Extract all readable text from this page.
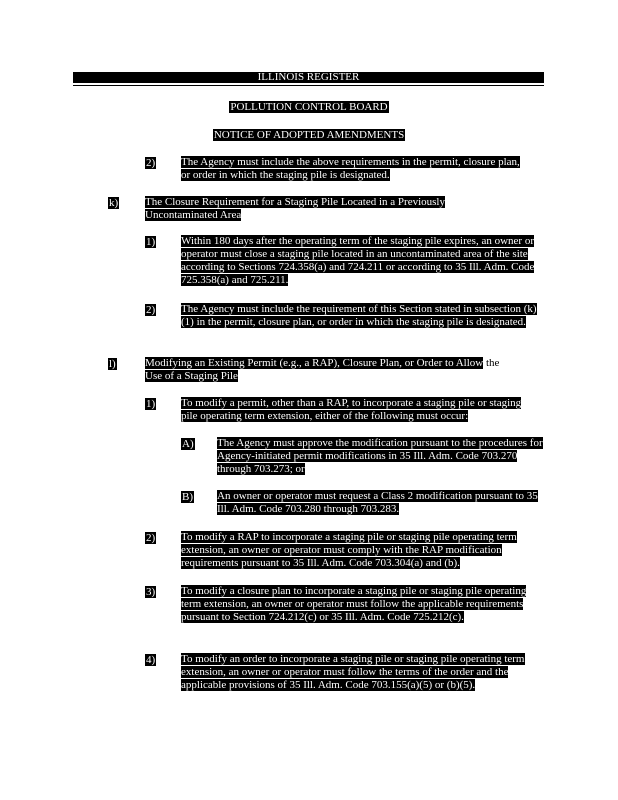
ILLINOIS REGISTER
POLLUTION CONTROL BOARD
NOTICE OF ADOPTED AMENDMENTS
2) The Agency must include the above requirements in the permit, closure plan, or order in which the staging pile is designated.
k) The Closure Requirement for a Staging Pile Located in a Previously Uncontaminated Area
1) Within 180 days after the operating term of the staging pile expires, an owner or operator must close a staging pile located in an uncontaminated area of the site according to Sections 724.358(a) and 724.211 or according to 35 Ill. Adm. Code 725.358(a) and 725.211.
2) The Agency must include the requirement of this Section stated in subsection (k)(1) in the permit, closure plan, or order in which the staging pile is designated.
l)	Modifying an Existing Permit (e.g., a RAP), Closure Plan, or Order to Allow the
Use of a Staging Pile
1) To modify a permit, other than a RAP, to incorporate a staging pile or staging pile operating term extension, either of the following must occur:
A) The Agency must approve the modification pursuant to the procedures for Agency-initiated permit modifications in 35 Ill. Adm. Code 703.270 through 703.273; or
B) An owner or operator must request a Class 2 modification pursuant to 35 Ill. Adm. Code 703.280 through 703.283.
2) To modify a RAP to incorporate a staging pile or staging pile operating term extension, an owner or operator must comply with the RAP modification requirements pursuant to 35 Ill. Adm. Code 703.304(a) and (b).
3) To modify a closure plan to incorporate a staging pile or staging pile operating term extension, an owner or operator must follow the applicable requirements pursuant to Section 724.212(c) or 35 Ill. Adm. Code 725.212(c).
4) To modify an order to incorporate a staging pile or staging pile operating term extension, an owner or operator must follow the terms of the order and the applicable provisions of 35 Ill. Adm. Code 703.155(a)(5) or (b)(5).
